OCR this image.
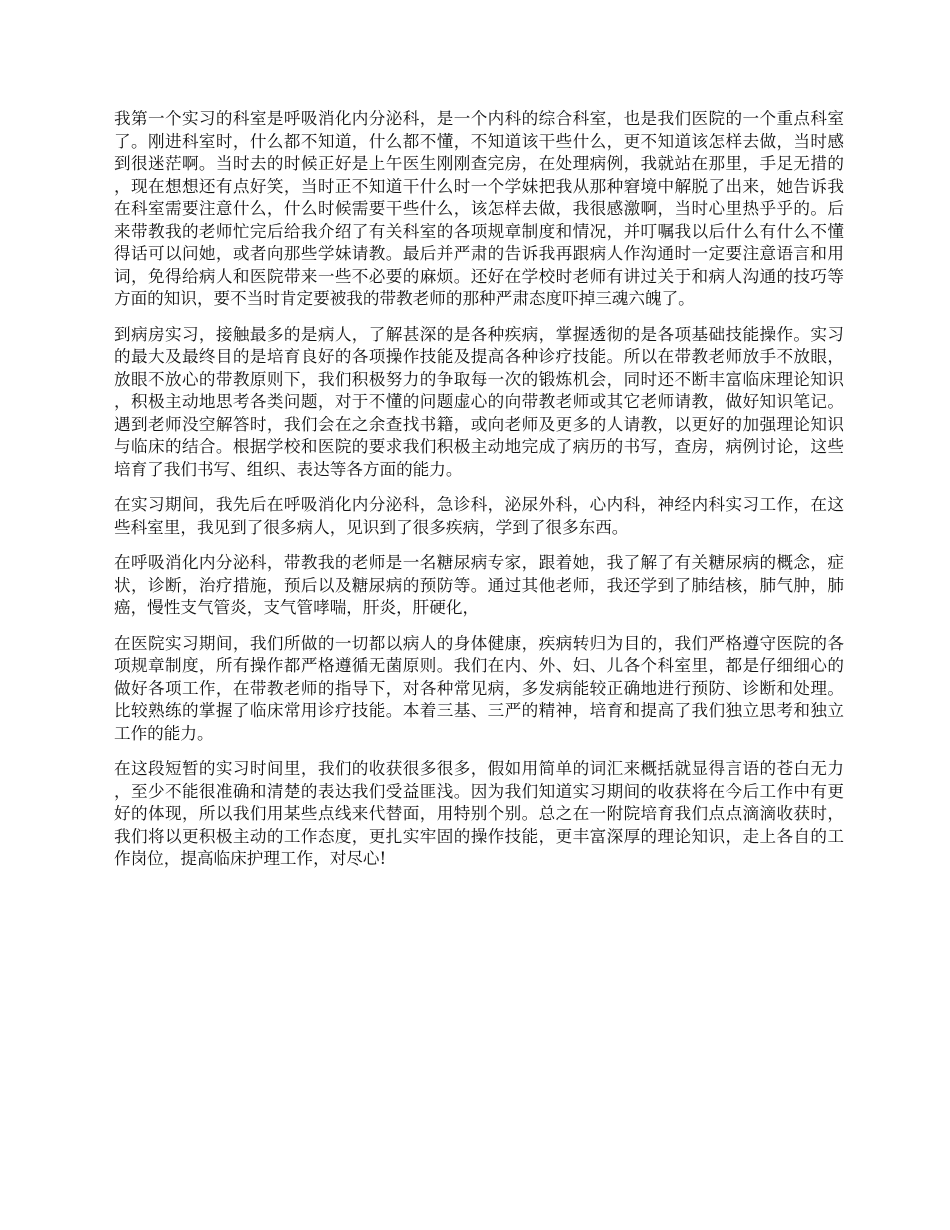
我第一个实习的科室是呼吸消化内分泌科，是一个内科的综合科室，也是我们医院的一个重点科室了。刚进科室时，什么都不知道，什么都不懂，不知道该干些什么，更不知道该怎样去做，当时感到很迷茫啊。当时去的时候正好是上午医生刚刚查完房，在处理病例，我就站在那里，手足无措的，现在想想还有点好笑，当时正不知道干什么时一个学妹把我从那种窘境中解脱了出来，她告诉我在科室需要注意什么，什么时候需要干些什么，该怎样去做，我很感激啊，当时心里热乎乎的。后来带教我的老师忙完后给我介绍了有关科室的各项规章制度和情况，并叮嘱我以后什么有什么不懂得话可以问她，或者向那些学妹请教。最后并严肃的告诉我再跟病人作沟通时一定要注意语言和用词，免得给病人和医院带来一些不必要的麻烦。还好在学校时老师有讲过关于和病人沟通的技巧等方面的知识，要不当时肯定要被我的带教老师的那种严肃态度吓掉三魂六魄了。

到病房实习，接触最多的是病人，了解甚深的是各种疾病，掌握透彻的是各项基础技能操作。实习的最大及最终目的是培育良好的各项操作技能及提高各种诊疗技能。所以在带教老师放手不放眼，放眼不放心的带教原则下，我们积极努力的争取每一次的锻炼机会，同时还不断丰富临床理论知识，积极主动地思考各类问题，对于不懂的问题虚心的向带教老师或其它老师请教，做好知识笔记。遇到老师没空解答时，我们会在之余查找书籍，或向老师及更多的人请教，以更好的加强理论知识与临床的结合。根据学校和医院的要求我们积极主动地完成了病历的书写，查房，病例讨论，这些培育了我们书写、组织、表达等各方面的能力。

在实习期间，我先后在呼吸消化内分泌科，急诊科，泌尿外科，心内科，神经内科实习工作，在这些科室里，我见到了很多病人，见识到了很多疾病，学到了很多东西。

在呼吸消化内分泌科，带教我的老师是一名糖尿病专家，跟着她，我了解了有关糖尿病的概念，症状，诊断，治疗措施，预后以及糖尿病的预防等。通过其他老师，我还学到了肺结核，肺气肿，肺癌，慢性支气管炎，支气管哮喘，肝炎，肝硬化，

在医院实习期间，我们所做的一切都以病人的身体健康，疾病转归为目的，我们严格遵守医院的各项规章制度，所有操作都严格遵循无菌原则。我们在内、外、妇、儿各个科室里，都是仔细细心的做好各项工作，在带教老师的指导下，对各种常见病，多发病能较正确地进行预防、诊断和处理。比较熟练的掌握了临床常用诊疗技能。本着三基、三严的精神，培育和提高了我们独立思考和独立工作的能力。

在这段短暂的实习时间里，我们的收获很多很多，假如用简单的词汇来概括就显得言语的苍白无力，至少不能很准确和清楚的表达我们受益匪浅。因为我们知道实习期间的收获将在今后工作中有更好的体现，所以我们用某些点线来代替面，用特别个别。总之在一附院培育我们点点滴滴收获时，我们将以更积极主动的工作态度，更扎实牢固的操作技能，更丰富深厚的理论知识，走上各自的工作岗位，提高临床护理工作，对尽心!
